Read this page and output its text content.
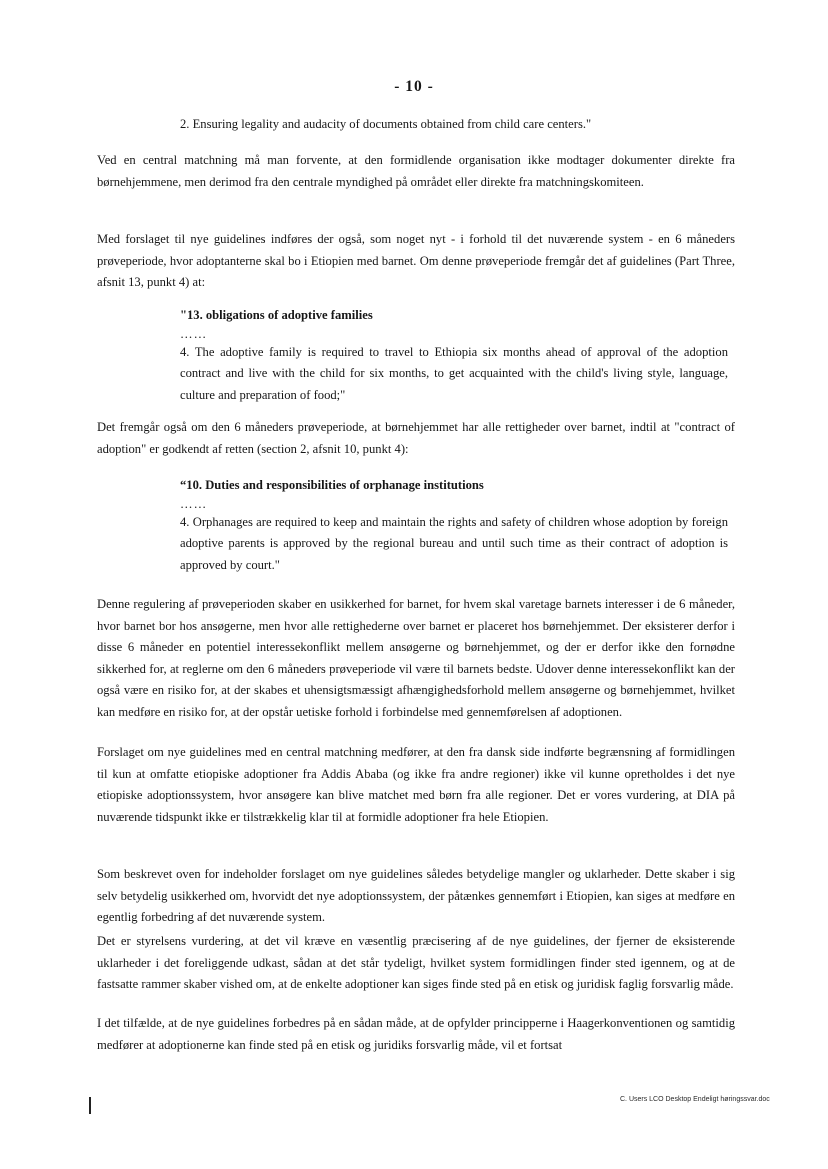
- 10 -

2. Ensuring legality and audacity of documents obtained from child care centers."

Ved en central matchning må man forvente, at den formidlende organisation ikke modtager dokumenter direkte fra børnehjemmene, men derimod fra den centrale myndighed på området eller direkte fra matchningskomiteen.

Med forslaget til nye guidelines indføres der også, som noget nyt - i forhold til det nuværende system - en 6 måneders prøveperiode, hvor adoptanterne skal bo i Etiopien med barnet. Om denne prøveperiode fremgår det af guidelines (Part Three, afsnit 13, punkt 4) at:

"13. obligations of adoptive families
……
4. The adoptive family is required to travel to Ethiopia six months ahead of approval of the adoption contract and live with the child for six months, to get acquainted with the child's living style, language, culture and preparation of food;"

Det fremgår også om den 6 måneders prøveperiode, at børnehjemmet har alle rettigheder over barnet, indtil at "contract of adoption" er godkendt af retten (section 2, afsnit 10, punkt 4):

“10. Duties and responsibilities of orphanage institutions
……
4. Orphanages are required to keep and maintain the rights and safety of children whose adoption by foreign adoptive parents is approved by the regional bureau and until such time as their contract of adoption is approved by court."

Denne regulering af prøveperioden skaber en usikkerhed for barnet, for hvem skal varetage barnets interesser i de 6 måneder, hvor barnet bor hos ansøgerne, men hvor alle rettighederne over barnet er placeret hos børnehjemmet. Der eksisterer derfor i disse 6 måneder en potentiel interessekonflikt mellem ansøgerne og børnehjemmet, og der er derfor ikke den fornødne sikkerhed for, at reglerne om den 6 måneders prøveperiode vil være til barnets bedste. Udover denne interessekonflikt kan der også være en risiko for, at der skabes et uhensigtsmæssigt afhængighedsforhold mellem ansøgerne og børnehjemmet, hvilket kan medføre en risiko for, at der opstår uetiske forhold i forbindelse med gennemførelsen af adoptionen.

Forslaget om nye guidelines med en central matchning medfører, at den fra dansk side indførte begrænsning af formidlingen til kun at omfatte etiopiske adoptioner fra Addis Ababa (og ikke fra andre regioner) ikke vil kunne opretholdes i det nye etiopiske adoptionssystem, hvor ansøgere kan blive matchet med børn fra alle regioner. Det er vores vurdering, at DIA på nuværende tidspunkt ikke er tilstrækkelig klar til at formidle adoptioner fra hele Etiopien.

Som beskrevet oven for indeholder forslaget om nye guidelines således betydelige mangler og uklarheder. Dette skaber i sig selv betydelig usikkerhed om, hvorvidt det nye adoptionssystem, der påtænkes gennemført i Etiopien, kan siges at medføre en egentlig forbedring af det nuværende system.

Det er styrelsens vurdering, at det vil kræve en væsentlig præcisering af de nye guidelines, der fjerner de eksisterende uklarheder i det foreliggende udkast, sådan at det står tydeligt, hvilket system formidlingen finder sted igennem, og at de fastsatte rammer skaber vished om, at de enkelte adoptioner kan siges finde sted på en etisk og juridisk faglig forsvarlig måde.

I det tilfælde, at de nye guidelines forbedres på en sådan måde, at de opfylder principperne i Haagerkonventionen og samtidig medfører at adoptionerne kan finde sted på en etisk og juridiks forsvarlig måde, vil et fortsat

C. Users LCO Desktop Endeligt høringssvar.doc
